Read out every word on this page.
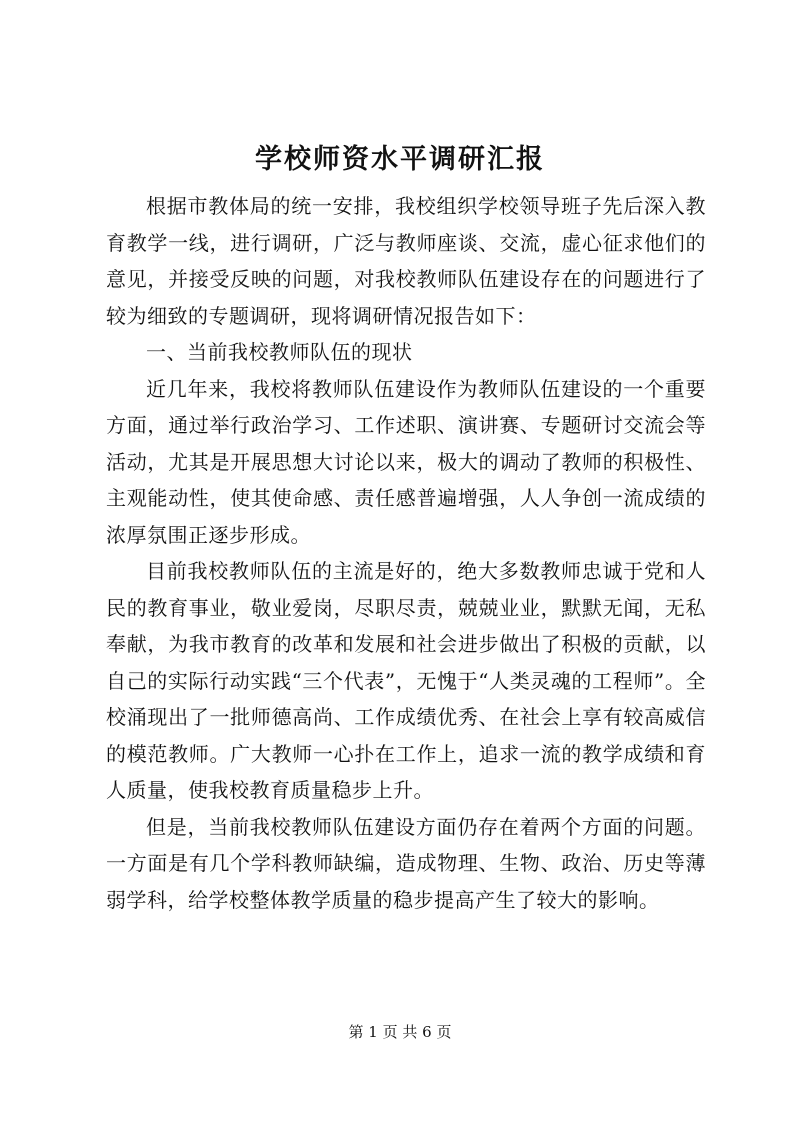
学校师资水平调研汇报

根据市教体局的统一安排，我校组织学校领导班子先后深入教育教学一线，进行调研，广泛与教师座谈、交流，虚心征求他们的意见，并接受反映的问题，对我校教师队伍建设存在的问题进行了较为细致的专题调研，现将调研情况报告如下：

一、当前我校教师队伍的现状

近几年来，我校将教师队伍建设作为教师队伍建设的一个重要方面，通过举行政治学习、工作述职、演讲赛、专题研讨交流会等活动，尤其是开展思想大讨论以来，极大的调动了教师的积极性、主观能动性，使其使命感、责任感普遍增强，人人争创一流成绩的浓厚氛围正逐步形成。

目前我校教师队伍的主流是好的，绝大多数教师忠诚于党和人民的教育事业，敬业爱岗，尽职尽责，兢兢业业，默默无闻，无私奉献，为我市教育的改革和发展和社会进步做出了积极的贡献，以自己的实际行动实践“三个代表”，无愧于“人类灵魂的工程师”。全校涌现出了一批师德高尚、工作成绩优秀、在社会上享有较高威信的模范教师。广大教师一心扑在工作上，追求一流的教学成绩和育人质量，使我校教育质量稳步上升。

但是，当前我校教师队伍建设方面仍存在着两个方面的问题。一方面是有几个学科教师缺编，造成物理、生物、政治、历史等薄弱学科，给学校整体教学质量的稳步提高产生了较大的影响。

第 1 页 共 6 页
